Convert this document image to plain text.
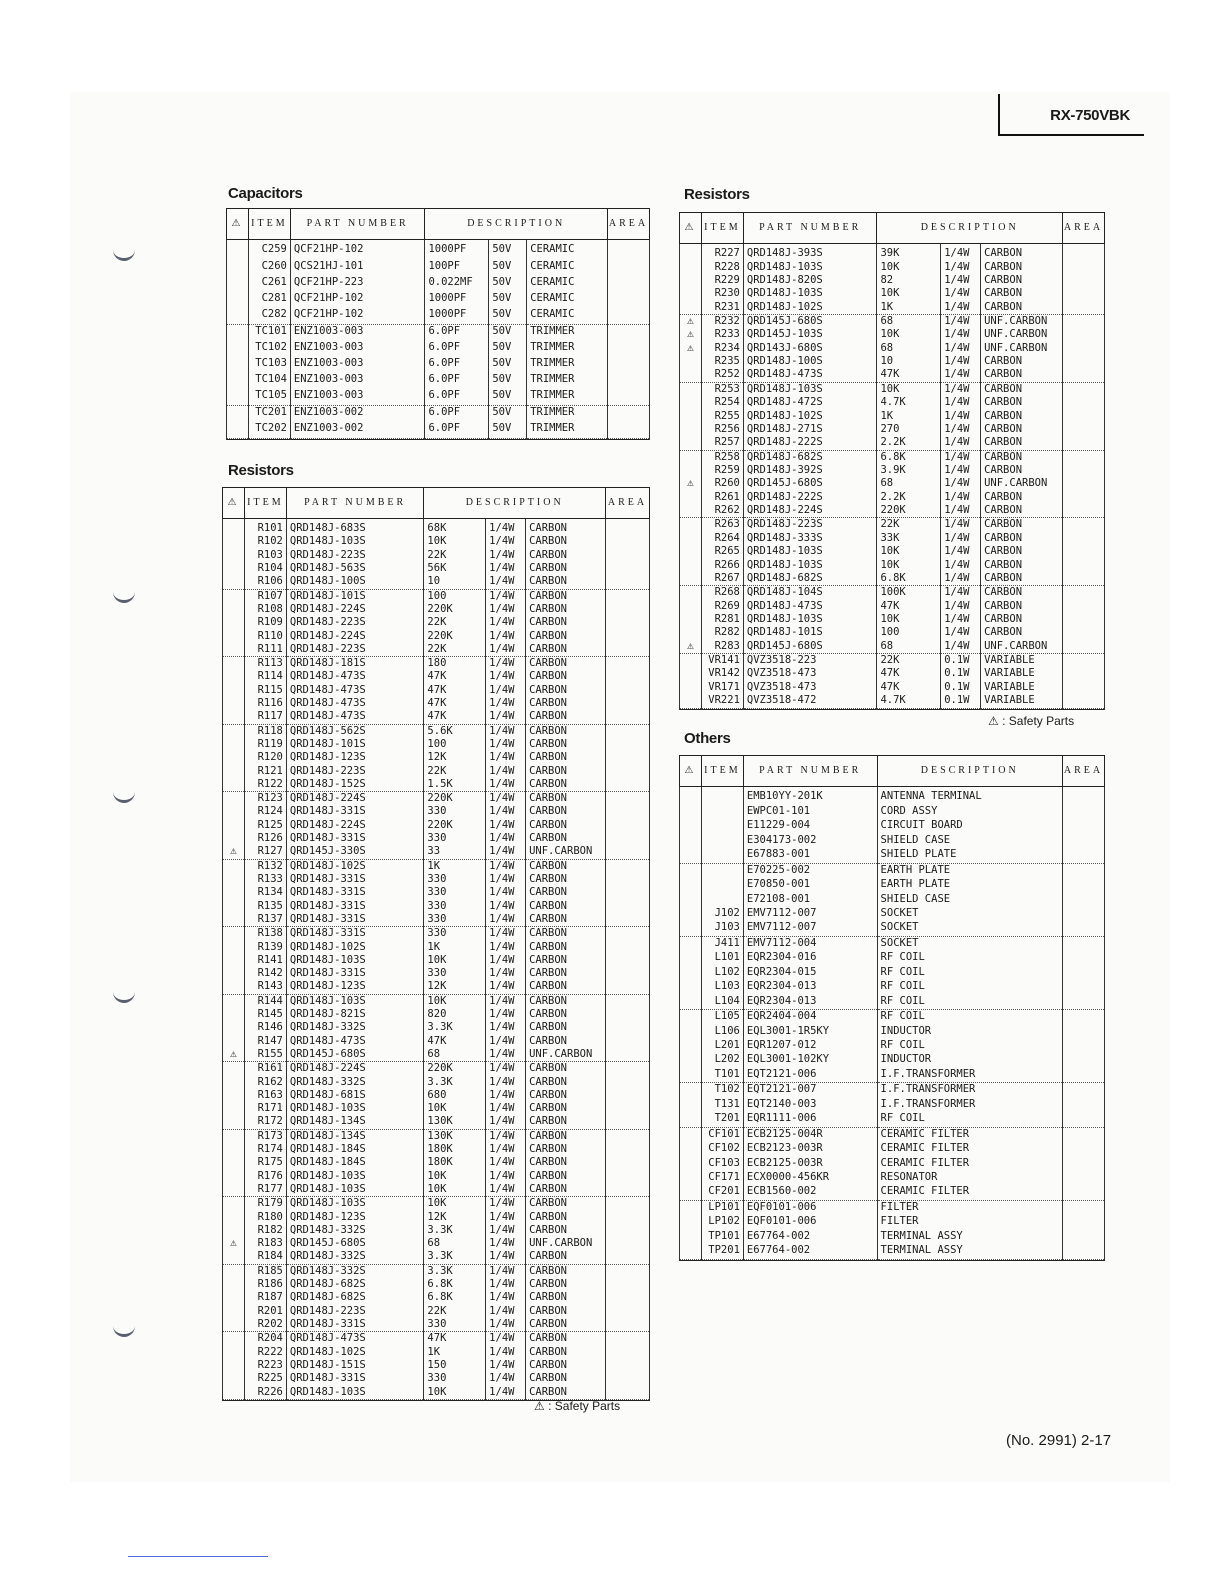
RX-750VBK
Capacitors
⚠	ITEM	PART NUMBER	DESCRIPTION			AREA
	C259	QCF21HP-102	1000PF	50V	CERAMIC	
	C260	QCS21HJ-101	100PF	50V	CERAMIC	
	C261	QCF21HP-223	0.022MF	50V	CERAMIC	
	C281	QCF21HP-102	1000PF	50V	CERAMIC	
	C282	QCF21HP-102	1000PF	50V	CERAMIC	
	TC101	ENZ1003-003	6.0PF	50V	TRIMMER	
	TC102	ENZ1003-003	6.0PF	50V	TRIMMER	
	TC103	ENZ1003-003	6.0PF	50V	TRIMMER	
	TC104	ENZ1003-003	6.0PF	50V	TRIMMER	
	TC105	ENZ1003-003	6.0PF	50V	TRIMMER	
	TC201	ENZ1003-002	6.0PF	50V	TRIMMER	
	TC202	ENZ1003-002	6.0PF	50V	TRIMMER	

Resistors
⚠	ITEM	PART NUMBER	DESCRIPTION			AREA
	R101	QRD148J-683S	68K	1/4W	CARBON	
	R102	QRD148J-103S	10K	1/4W	CARBON	
	R103	QRD148J-223S	22K	1/4W	CARBON	
	R104	QRD148J-563S	56K	1/4W	CARBON	
	R106	QRD148J-100S	10	1/4W	CARBON	
	R107	QRD148J-101S	100	1/4W	CARBON	
	R108	QRD148J-224S	220K	1/4W	CARBON	
	R109	QRD148J-223S	22K	1/4W	CARBON	
	R110	QRD148J-224S	220K	1/4W	CARBON	
	R111	QRD148J-223S	22K	1/4W	CARBON	
	R113	QRD148J-181S	180	1/4W	CARBON	
	R114	QRD148J-473S	47K	1/4W	CARBON	
	R115	QRD148J-473S	47K	1/4W	CARBON	
	R116	QRD148J-473S	47K	1/4W	CARBON	
	R117	QRD148J-473S	47K	1/4W	CARBON	
	R118	QRD148J-562S	5.6K	1/4W	CARBON	
	R119	QRD148J-101S	100	1/4W	CARBON	
	R120	QRD148J-123S	12K	1/4W	CARBON	
	R121	QRD148J-223S	22K	1/4W	CARBON	
	R122	QRD148J-152S	1.5K	1/4W	CARBON	
	R123	QRD148J-224S	220K	1/4W	CARBON	
	R124	QRD148J-331S	330	1/4W	CARBON	
	R125	QRD148J-224S	220K	1/4W	CARBON	
	R126	QRD148J-331S	330	1/4W	CARBON	
⚠	R127	QRD145J-330S	33	1/4W	UNF.CARBON	
	R132	QRD148J-102S	1K	1/4W	CARBON	
	R133	QRD148J-331S	330	1/4W	CARBON	
	R134	QRD148J-331S	330	1/4W	CARBON	
	R135	QRD148J-331S	330	1/4W	CARBON	
	R137	QRD148J-331S	330	1/4W	CARBON	
	R138	QRD148J-331S	330	1/4W	CARBON	
	R139	QRD148J-102S	1K	1/4W	CARBON	
	R141	QRD148J-103S	10K	1/4W	CARBON	
	R142	QRD148J-331S	330	1/4W	CARBON	
	R143	QRD148J-123S	12K	1/4W	CARBON	
	R144	QRD148J-103S	10K	1/4W	CARBON	
	R145	QRD148J-821S	820	1/4W	CARBON	
	R146	QRD148J-332S	3.3K	1/4W	CARBON	
	R147	QRD148J-473S	47K	1/4W	CARBON	
⚠	R155	QRD145J-680S	68	1/4W	UNF.CARBON	
	R161	QRD148J-224S	220K	1/4W	CARBON	
	R162	QRD148J-332S	3.3K	1/4W	CARBON	
	R163	QRD148J-681S	680	1/4W	CARBON	
	R171	QRD148J-103S	10K	1/4W	CARBON	
	R172	QRD148J-134S	130K	1/4W	CARBON	
	R173	QRD148J-134S	130K	1/4W	CARBON	
	R174	QRD148J-184S	180K	1/4W	CARBON	
	R175	QRD148J-184S	180K	1/4W	CARBON	
	R176	QRD148J-103S	10K	1/4W	CARBON	
	R177	QRD148J-103S	10K	1/4W	CARBON	
	R179	QRD148J-103S	10K	1/4W	CARBON	
	R180	QRD148J-123S	12K	1/4W	CARBON	
	R182	QRD148J-332S	3.3K	1/4W	CARBON	
⚠	R183	QRD145J-680S	68	1/4W	UNF.CARBON	
	R184	QRD148J-332S	3.3K	1/4W	CARBON	
	R185	QRD148J-332S	3.3K	1/4W	CARBON	
	R186	QRD148J-682S	6.8K	1/4W	CARBON	
	R187	QRD148J-682S	6.8K	1/4W	CARBON	
	R201	QRD148J-223S	22K	1/4W	CARBON	
	R202	QRD148J-331S	330	1/4W	CARBON	
	R204	QRD148J-473S	47K	1/4W	CARBON	
	R222	QRD148J-102S	1K	1/4W	CARBON	
	R223	QRD148J-151S	150	1/4W	CARBON	
	R225	QRD148J-331S	330	1/4W	CARBON	
	R226	QRD148J-103S	10K	1/4W	CARBON	

⚠ : Safety Parts
Resistors
⚠	ITEM	PART NUMBER	DESCRIPTION			AREA
	R227	QRD148J-393S	39K	1/4W	CARBON	
	R228	QRD148J-103S	10K	1/4W	CARBON	
	R229	QRD148J-820S	82	1/4W	CARBON	
	R230	QRD148J-103S	10K	1/4W	CARBON	
	R231	QRD148J-102S	1K	1/4W	CARBON	
⚠	R232	QRD145J-680S	68	1/4W	UNF.CARBON	
⚠	R233	QRD145J-103S	10K	1/4W	UNF.CARBON	
⚠	R234	QRD143J-680S	68	1/4W	UNF.CARBON	
	R235	QRD148J-100S	10	1/4W	CARBON	
	R252	QRD148J-473S	47K	1/4W	CARBON	
	R253	QRD148J-103S	10K	1/4W	CARBON	
	R254	QRD148J-472S	4.7K	1/4W	CARBON	
	R255	QRD148J-102S	1K	1/4W	CARBON	
	R256	QRD148J-271S	270	1/4W	CARBON	
	R257	QRD148J-222S	2.2K	1/4W	CARBON	
	R258	QRD148J-682S	6.8K	1/4W	CARBON	
	R259	QRD148J-392S	3.9K	1/4W	CARBON	
⚠	R260	QRD145J-680S	68	1/4W	UNF.CARBON	
	R261	QRD148J-222S	2.2K	1/4W	CARBON	
	R262	QRD148J-224S	220K	1/4W	CARBON	
	R263	QRD148J-223S	22K	1/4W	CARBON	
	R264	QRD148J-333S	33K	1/4W	CARBON	
	R265	QRD148J-103S	10K	1/4W	CARBON	
	R266	QRD148J-103S	10K	1/4W	CARBON	
	R267	QRD148J-682S	6.8K	1/4W	CARBON	
	R268	QRD148J-104S	100K	1/4W	CARBON	
	R269	QRD148J-473S	47K	1/4W	CARBON	
	R281	QRD148J-103S	10K	1/4W	CARBON	
	R282	QRD148J-101S	100	1/4W	CARBON	
⚠	R283	QRD145J-680S	68	1/4W	UNF.CARBON	
	VR141	QVZ3518-223	22K	0.1W	VARIABLE	
	VR142	QVZ3518-473	47K	0.1W	VARIABLE	
	VR171	QVZ3518-473	47K	0.1W	VARIABLE	
	VR221	QVZ3518-472	4.7K	0.1W	VARIABLE	

⚠ : Safety Parts
Others
⚠	ITEM	PART NUMBER	DESCRIPTION	AREA
		EMB10YY-201K	ANTENNA TERMINAL	
		EWPC01-101	CORD ASSY	
		E11229-004	CIRCUIT BOARD	
		E304173-002	SHIELD CASE	
		E67883-001	SHIELD PLATE	
		E70225-002	EARTH PLATE	
		E70850-001	EARTH PLATE	
		E72108-001	SHIELD CASE	
	J102	EMV7112-007	SOCKET	
	J103	EMV7112-007	SOCKET	
	J411	EMV7112-004	SOCKET	
	L101	EQR2304-016	RF COIL	
	L102	EQR2304-015	RF COIL	
	L103	EQR2304-013	RF COIL	
	L104	EQR2304-013	RF COIL	
	L105	EQR2404-004	RF COIL	
	L106	EQL3001-1R5KY	INDUCTOR	
	L201	EQR1207-012	RF COIL	
	L202	EQL3001-102KY	INDUCTOR	
	T101	EQT2121-006	I.F.TRANSFORMER	
	T102	EQT2121-007	I.F.TRANSFORMER	
	T131	EQT2140-003	I.F.TRANSFORMER	
	T201	EQR1111-006	RF COIL	
	CF101	ECB2125-004R	CERAMIC FILTER	
	CF102	ECB2123-003R	CERAMIC FILTER	
	CF103	ECB2125-003R	CERAMIC FILTER	
	CF171	ECX0000-456KR	RESONATOR	
	CF201	ECB1560-002	CERAMIC FILTER	
	LP101	EQF0101-006	FILTER	
	LP102	EQF0101-006	FILTER	
	TP101	E67764-002	TERMINAL ASSY	
	TP201	E67764-002	TERMINAL ASSY	

(No. 2991) 2-17
